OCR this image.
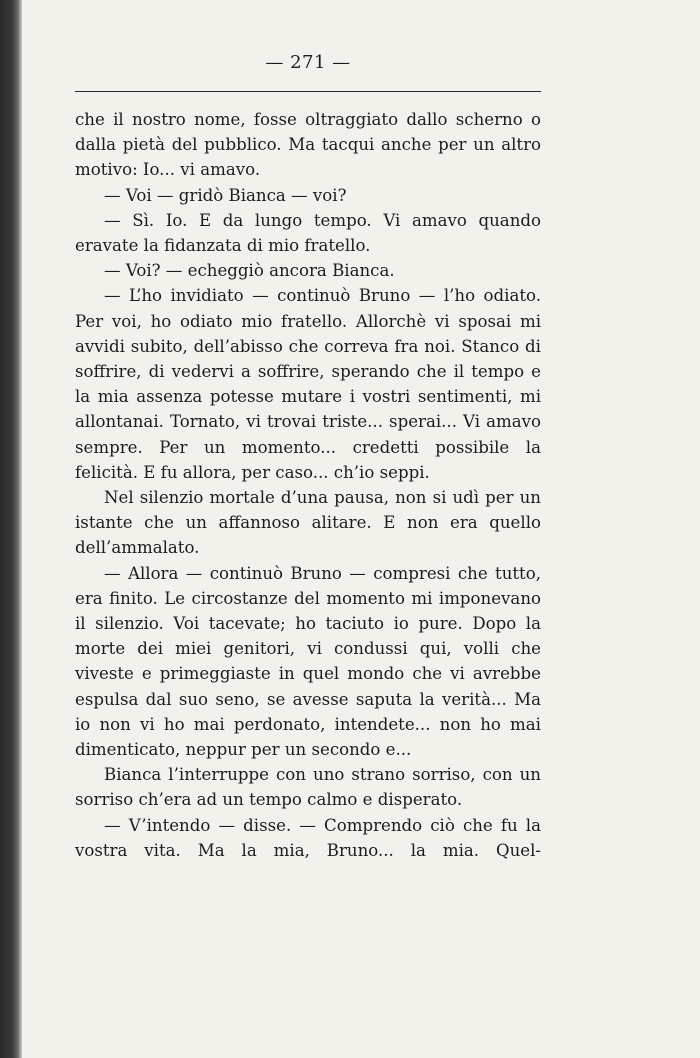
— 271 —

che il nostro nome, fosse oltraggiato dallo scherno o dalla pietà del pubblico. Ma tacqui anche per un altro motivo: Io... vi amavo.

— Voi — gridò Bianca — voi?

— Sì. Io. E da lungo tempo. Vi amavo quando eravate la fidanzata di mio fratello.

— Voi? — echeggiò ancora Bianca.

— L’ho invidiato — continuò Bruno — l’ho odiato. Per voi, ho odiato mio fratello. Allorchè vi sposai mi avvidi subito, dell’abisso che correva fra noi. Stanco di soffrire, di vedervi a soffrire, sperando che il tempo e la mia assenza potesse mutare i vostri sentimenti, mi allontanai. Tornato, vi trovai triste... sperai... Vi amavo sempre. Per un momento... credetti possibile la felicità. E fu allora, per caso... ch’io seppi.

Nel silenzio mortale d’una pausa, non si udì per un istante che un affannoso alitare. E non era quello dell’ammalato.

— Allora — continuò Bruno — compresi che tutto, era finito. Le circostanze del momento mi imponevano il silenzio. Voi tacevate; ho taciuto io pure. Dopo la morte dei miei genitori, vi condussi qui, volli che viveste e primeggiaste in quel mondo che vi avrebbe espulsa dal suo seno, se avesse saputa la verità... Ma io non vi ho mai perdonato, intendete... non ho mai dimenticato, neppur per un secondo e...

Bianca l’interruppe con uno strano sorriso, con un sorriso ch’era ad un tempo calmo e disperato.

— V’intendo — disse. — Comprendo ciò che fu la vostra vita. Ma la mia, Bruno... la mia. Quel-
